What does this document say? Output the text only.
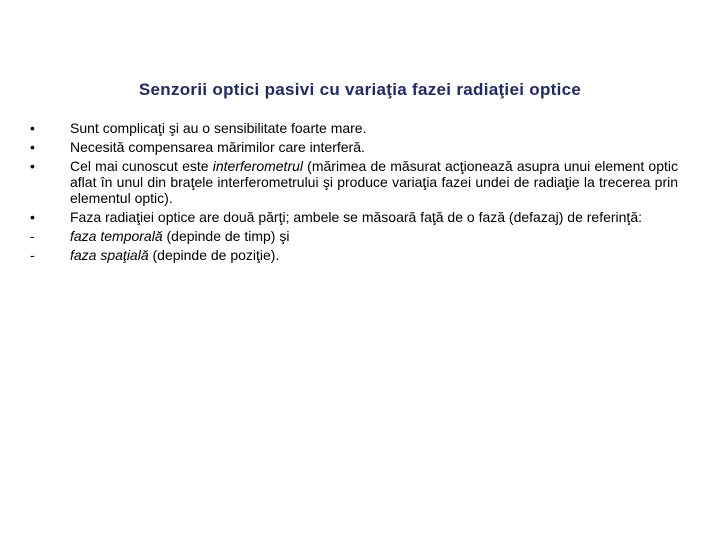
Senzorii optici pasivi cu variaţia fazei radiaţiei optice
•	Sunt complicaţi şi au o sensibilitate foarte mare.
•	Necesită compensarea mărimilor care interferă.
•	Cel mai cunoscut este interferometrul (mărimea de măsurat acţionează asupra unui element optic aflat în unul din braţele interferometrului şi produce variaţia fazei undei de radiaţie la trecerea prin elementul optic).
•	Faza radiaţiei optice are două părţi; ambele se măsoară faţă de o fază (defazaj) de referinţă:
-	faza temporală (depinde de timp) şi
-	faza spaţială (depinde de poziţie).
